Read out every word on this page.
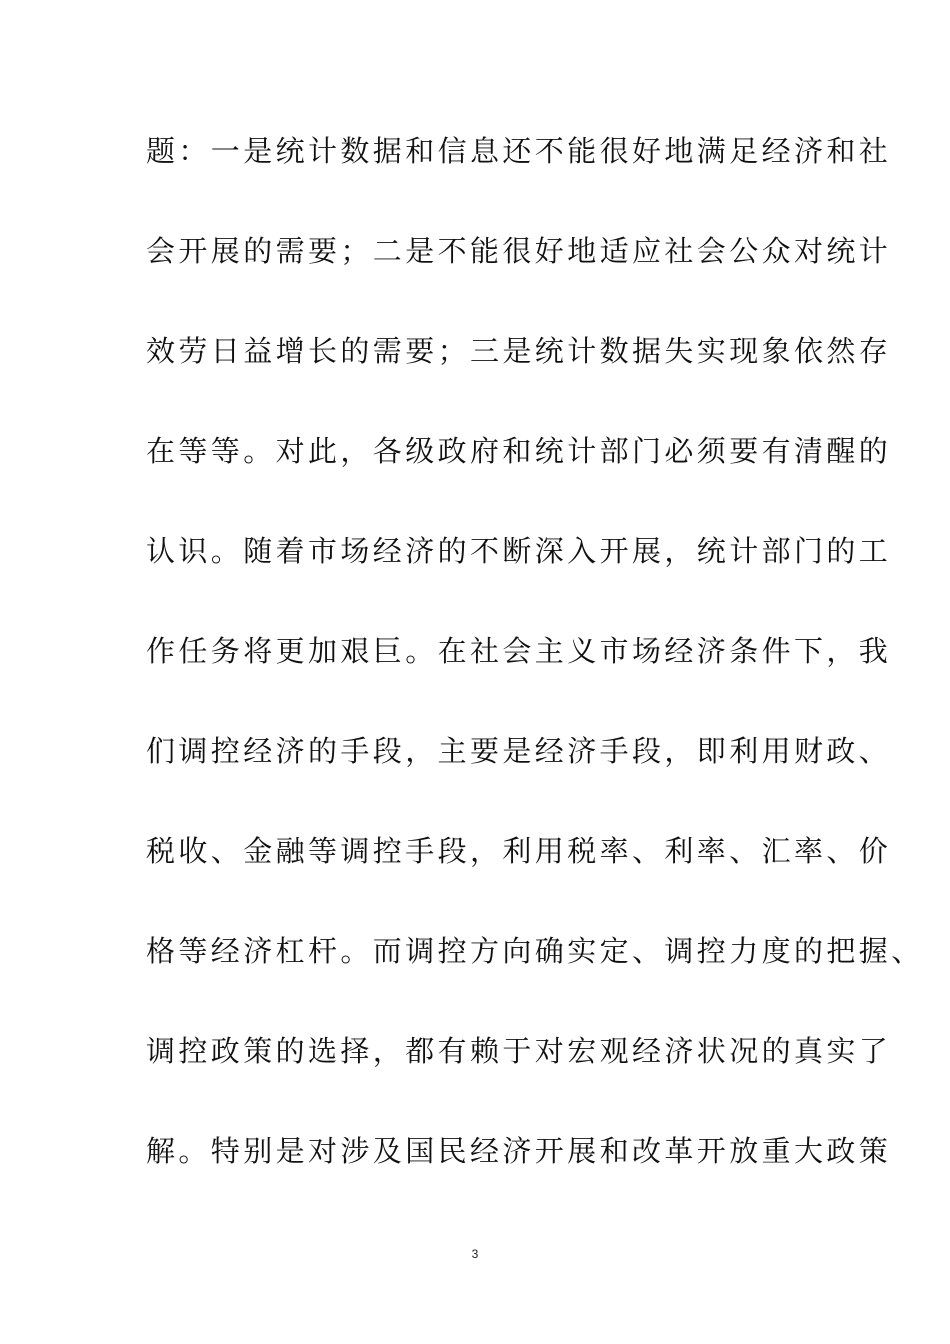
题：一是统计数据和信息还不能很好地满足经济和社
会开展的需要；二是不能很好地适应社会公众对统计
效劳日益增长的需要；三是统计数据失实现象依然存
在等等。对此，各级政府和统计部门必须要有清醒的
认识。随着市场经济的不断深入开展，统计部门的工
作任务将更加艰巨。在社会主义市场经济条件下，我
们调控经济的手段，主要是经济手段，即利用财政、
税收、金融等调控手段，利用税率、利率、汇率、价
格等经济杠杆。而调控方向确实定、调控力度的把握、
调控政策的选择，都有赖于对宏观经济状况的真实了
解。特别是对涉及国民经济开展和改革开放重大政策
3
